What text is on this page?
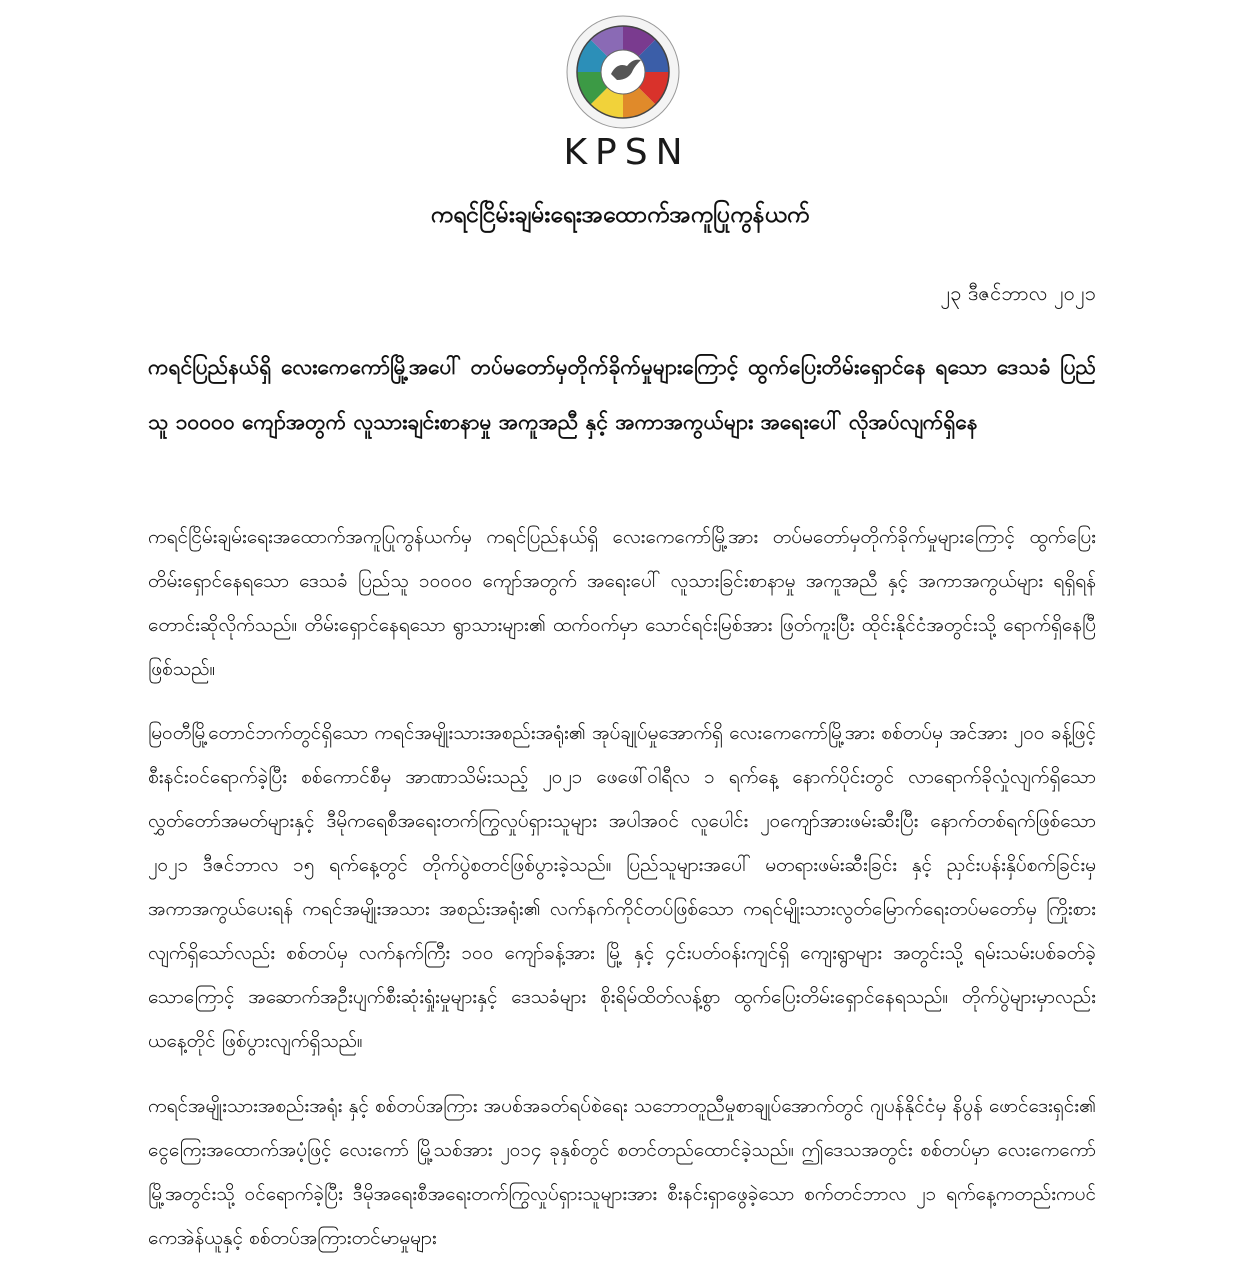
KPSN
ကရင်ငြိမ်းချမ်းရေးအထောက်အကူပြုကွန်ယက်
၂၃ ဒီဇင်ဘာလ ၂၀၂၁
ကရင်ပြည်နယ်ရှိ လေးကေကော်မြို့အပေါ် တပ်မတော်မှတိုက်ခိုက်မှုများကြောင့် ထွက်ပြေးတိမ်းရှောင်နေ ရသော ဒေသခံ ပြည်သူ ၁၀၀၀၀ ကျော်အတွက် လူသားချင်းစာနာမှု အကူအညီ နှင့် အကာအကွယ်များ အရေးပေါ် လိုအပ်လျက်ရှိနေ
ကရင်ငြိမ်းချမ်းရေးအထောက်အကူပြုကွန်ယက်မှ ကရင်ပြည်နယ်ရှိ လေးကေကော်မြို့အား တပ်မတော်မှတိုက်ခိုက်မှုများကြောင့် ထွက်ပြေးတိမ်းရှောင်နေရသော ဒေသခံ ပြည်သူ ၁၀၀၀၀ ကျော်အတွက် အရေးပေါ် လူသားခြင်းစာနာမှု အကူအညီ နှင့် အကာအကွယ်များ ရရှိရန် တောင်းဆိုလိုက်သည်။ တိမ်းရှောင်နေရသော ရွာသားများ၏ ထက်ဝက်မှာ သောင်ရင်းမြစ်အား ဖြတ်ကူးပြီး ထိုင်းနိုင်ငံအတွင်းသို့ ရောက်ရှိနေပြီဖြစ်သည်။
မြဝတီမြို့တောင်ဘက်တွင်ရှိသော ကရင်အမျိုးသားအစည်းအရုံး၏ အုပ်ချုပ်မှုအောက်ရှိ လေးကေကော်မြို့အား စစ်တပ်မှ အင်အား ၂၀၀ ခန့်ဖြင့်စီးနင်းဝင်ရောက်ခဲ့ပြီး စစ်ကောင်စီမှ အာဏာသိမ်းသည့် ၂၀၂၁ ဖေဖေါ်ဝါရီလ ၁ ရက်နေ့ နောက်ပိုင်းတွင် လာရောက်ခိုလှုံလျက်ရှိသော လွှတ်တော်အမတ်များနှင့် ဒီမိုကရေစီအရေးတက်ကြွလှုပ်ရှားသူများ အပါအဝင် လူပေါင်း ၂၀ကျော်အားဖမ်းဆီးပြီး နောက်တစ်ရက်ဖြစ်သော ၂၀၂၁ ဒီဇင်ဘာလ ၁၅ ရက်နေ့တွင် တိုက်ပွဲစတင်ဖြစ်ပွားခဲ့သည်။ ပြည်သူများအပေါ် မတရားဖမ်းဆီးခြင်း နှင့် ညှင်းပန်းနှိပ်စက်ခြင်းမှ အကာအကွယ်ပေးရန် ကရင်အမျိုးအသား အစည်းအရုံး၏ လက်နက်ကိုင်တပ်ဖြစ်သော ကရင်မျိုးသားလွတ်မြောက်ရေးတပ်မတော်မှ ကြိုးစားလျက်ရှိသော်လည်း စစ်တပ်မှ လက်နက်ကြီး ၁၀၀ ကျော်ခန့်အား မြို့ နှင့် ၄င်းပတ်ဝန်းကျင်ရှိ ကျေးရွာများ အတွင်းသို့ ရမ်းသမ်းပစ်ခတ်ခဲ့သောကြောင့် အဆောက်အဦးပျက်စီးဆုံးရှုံးမှုများနှင့် ဒေသခံများ စိုးရိမ်ထိတ်လန့်စွာ ထွက်ပြေးတိမ်းရှောင်နေရသည်။ တိုက်ပွဲများမှာလည်း ယနေ့တိုင် ဖြစ်ပွားလျက်ရှိသည်။
ကရင်အမျိုးသားအစည်းအရုံး နှင့် စစ်တပ်အကြား အပစ်အခတ်ရပ်စဲရေး သဘောတူညီမှုစာချုပ်အောက်တွင် ဂျပန်နိုင်ငံမှ နိပွန် ဖောင်ဒေးရှင်း၏ ငွေကြေးအထောက်အပံ့ဖြင့် လေးကော် မြို့သစ်အား ၂၀၁၄ ခုနှစ်တွင် စတင်တည်ထောင်ခဲ့သည်။ ဤဒေသအတွင်း စစ်တပ်မှာ လေးကေကော်မြို့အတွင်းသို့ ဝင်ရောက်ခဲ့ပြီး ဒီမိုအရေးစီအရေးတက်ကြွလှုပ်ရှားသူများအား စီးနင်းရှာဖွေခဲ့သော စက်တင်ဘာလ ၂၁ ရက်နေ့ကတည်းကပင် ကေအဲန်ယူနှင့် စစ်တပ်အကြားတင်မာမှုများ
